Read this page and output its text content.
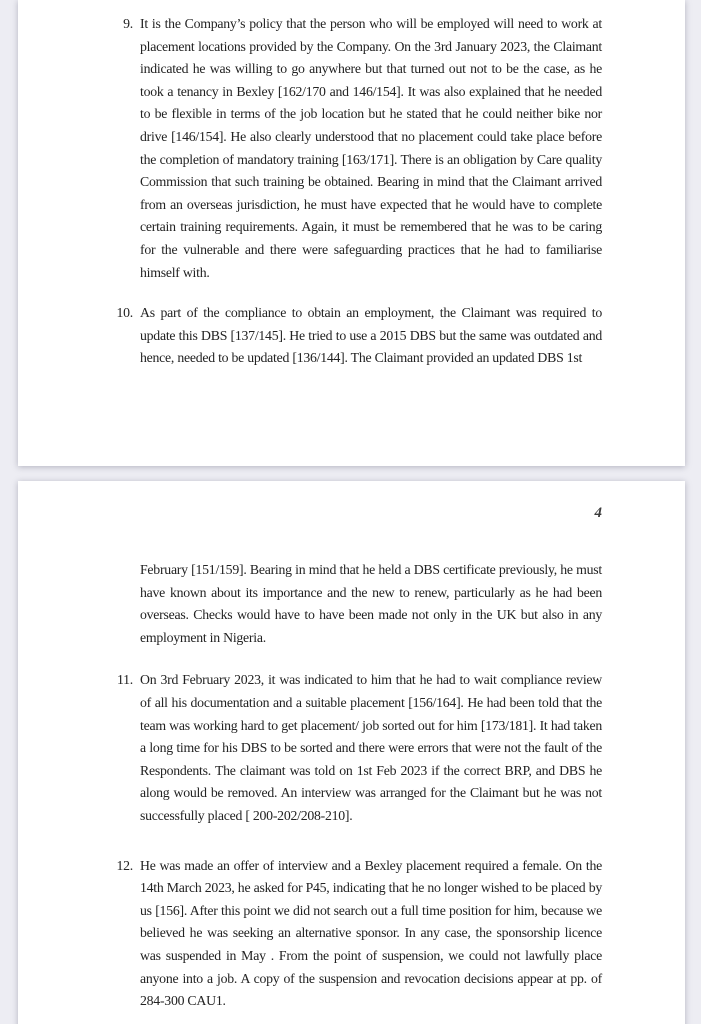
9. It is the Company’s policy that the person who will be employed will need to work at placement locations provided by the Company. On the 3rd January 2023, the Claimant indicated he was willing to go anywhere but that turned out not to be the case, as he took a tenancy in Bexley [162/170 and 146/154]. It was also explained that he needed to be flexible in terms of the job location but he stated that he could neither bike nor drive [146/154]. He also clearly understood that no placement could take place before the completion of mandatory training [163/171]. There is an obligation by Care quality Commission that such training be obtained. Bearing in mind that the Claimant arrived from an overseas jurisdiction, he must have expected that he would have to complete certain training requirements. Again, it must be remembered that he was to be caring for the vulnerable and there were safeguarding practices that he had to familiarise himself with.
10. As part of the compliance to obtain an employment, the Claimant was required to update this DBS [137/145]. He tried to use a 2015 DBS but the same was outdated and hence, needed to be updated [136/144]. The Claimant provided an updated DBS 1st
4
February [151/159]. Bearing in mind that he held a DBS certificate previously, he must have known about its importance and the new to renew, particularly as he had been overseas. Checks would have to have been made not only in the UK but also in any employment in Nigeria.
11. On 3rd February 2023, it was indicated to him that he had to wait compliance review of all his documentation and a suitable placement [156/164]. He had been told that the team was working hard to get placement/ job sorted out for him [173/181]. It had taken a long time for his DBS to be sorted and there were errors that were not the fault of the Respondents. The claimant was told on 1st Feb 2023 if the correct BRP, and DBS he along would be removed. An interview was arranged for the Claimant but he was not successfully placed [ 200-202/208-210].
12. He was made an offer of interview and a Bexley placement required a female. On the 14th March 2023, he asked for P45, indicating that he no longer wished to be placed by us [156]. After this point we did not search out a full time position for him, because we believed he was seeking an alternative sponsor. In any case, the sponsorship licence was suspended in May . From the point of suspension, we could not lawfully place anyone into a job. A copy of the suspension and revocation decisions appear at pp. of 284-300 CAU1.
